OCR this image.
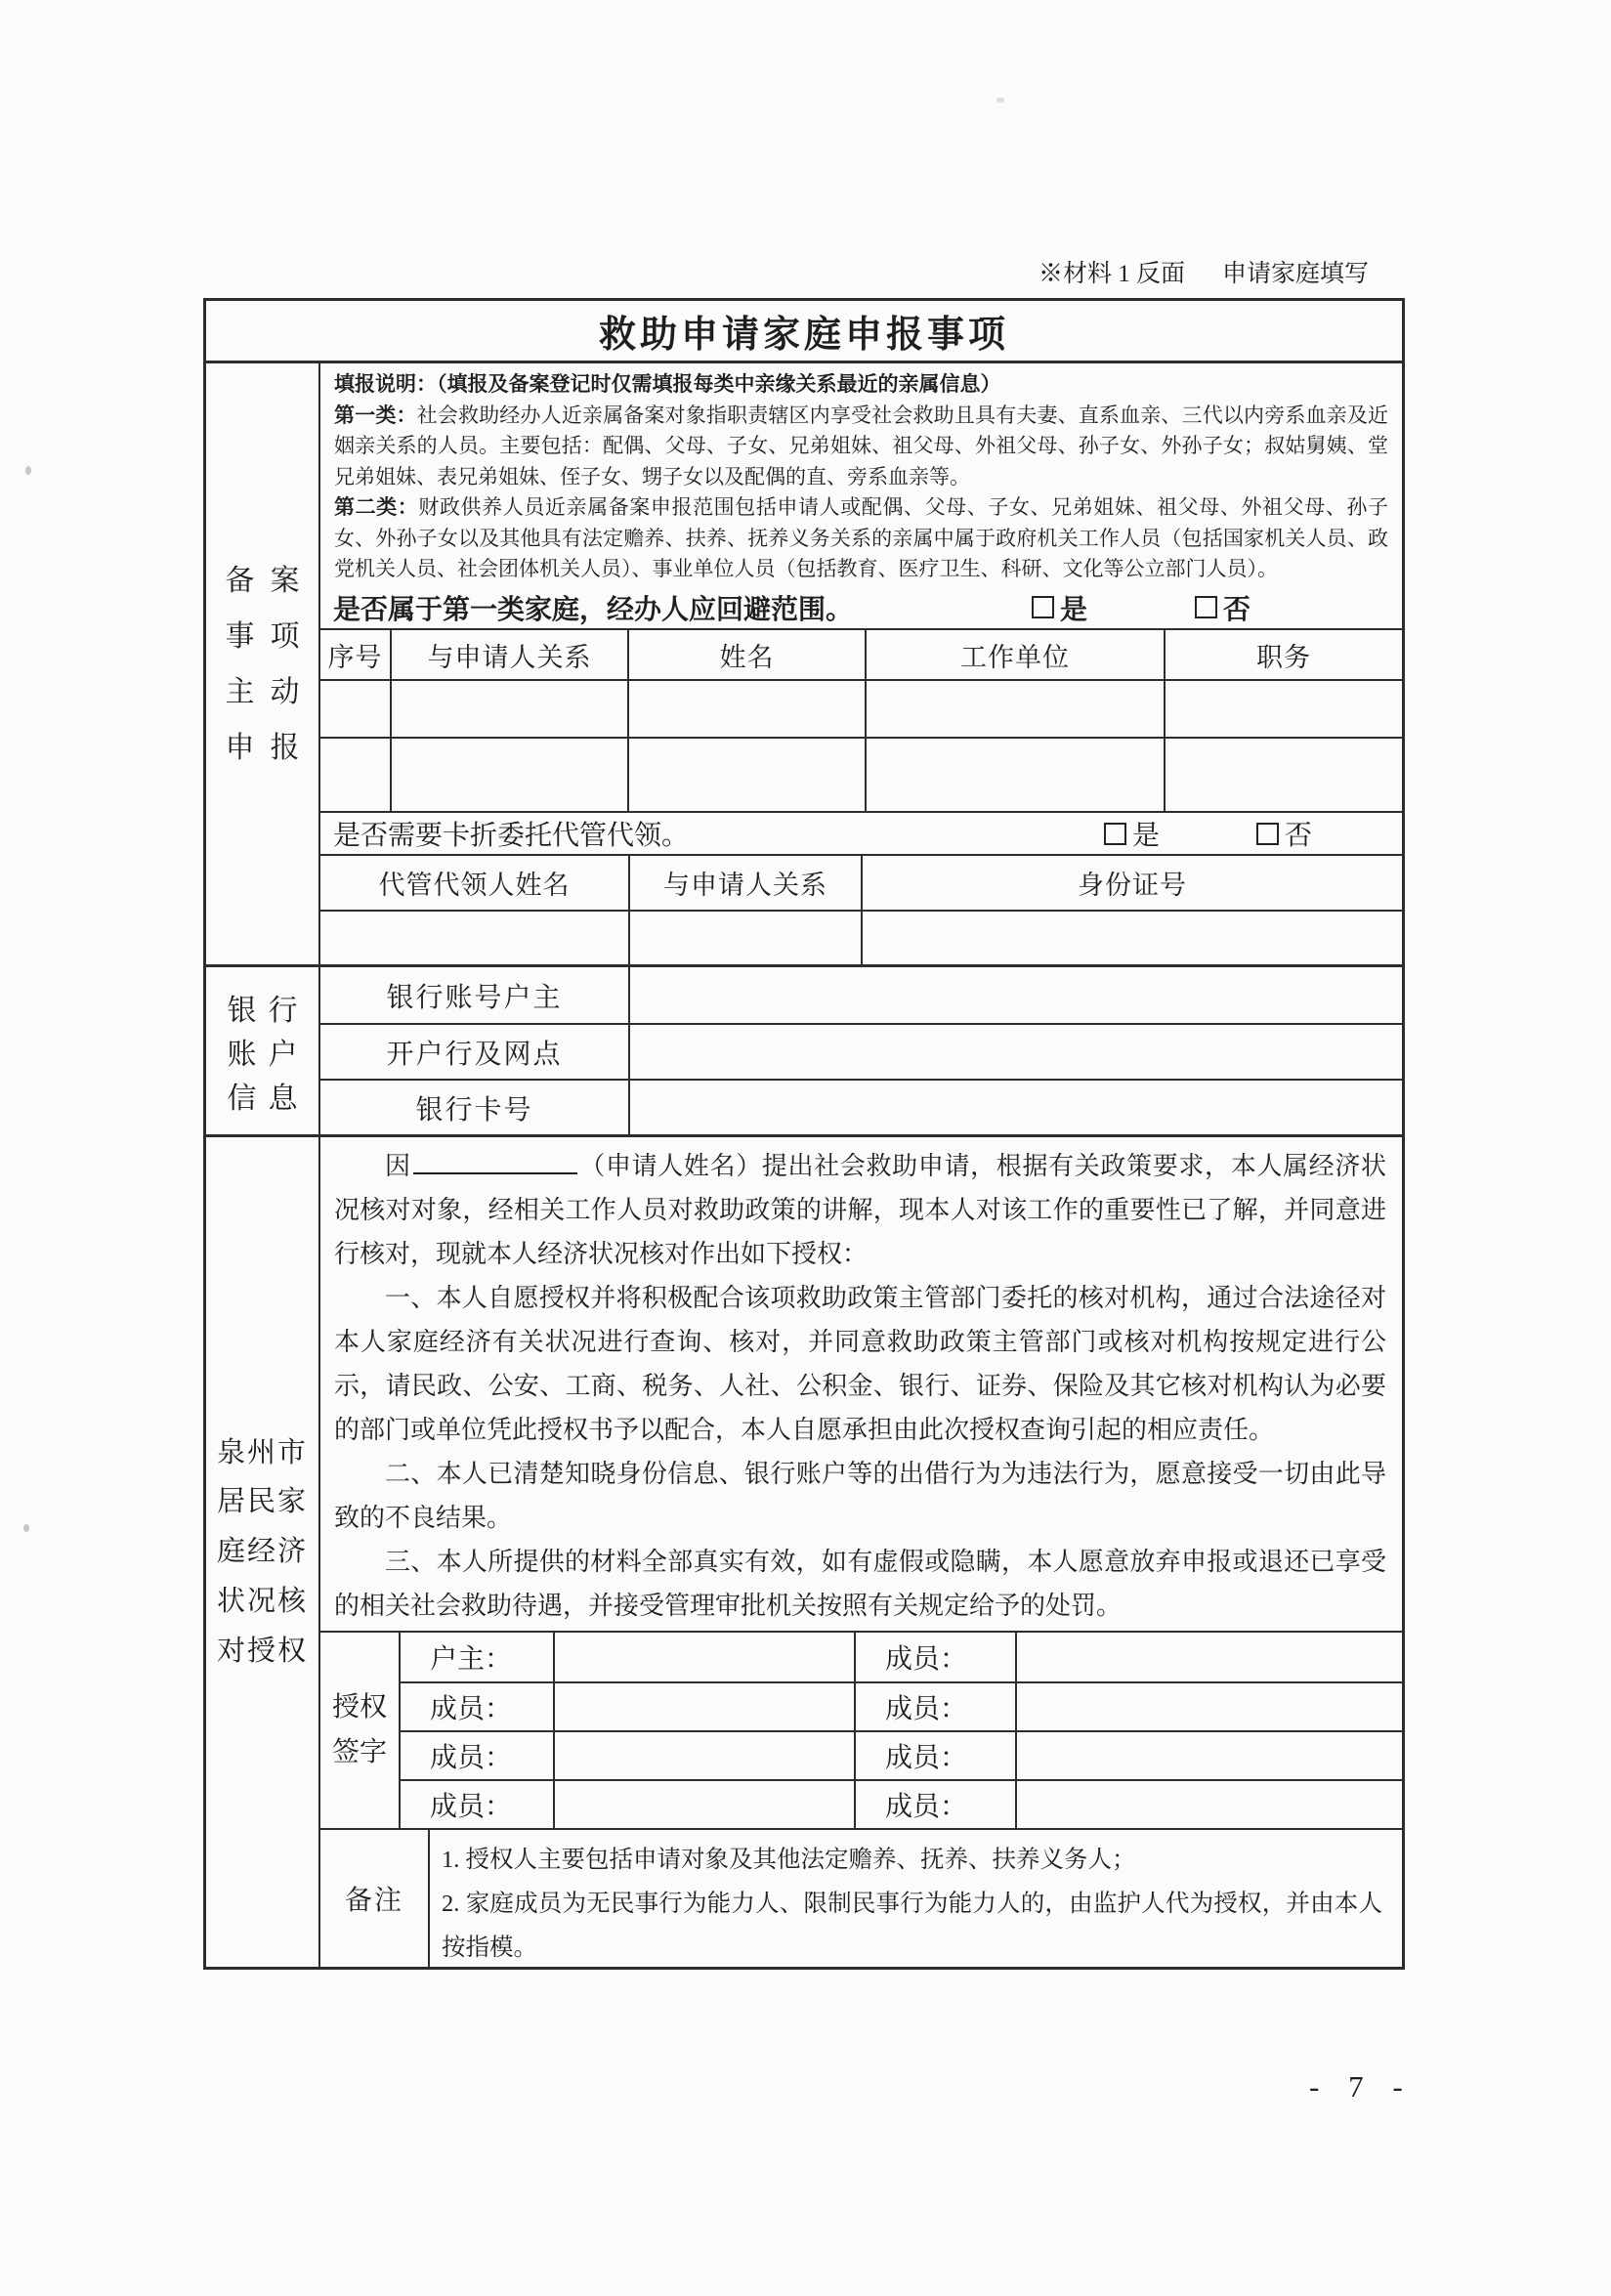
※材料 1 反面 申请家庭填写
救助申请家庭申报事项
备案
事项
主动
申报

填报说明：（填报及备案登记时仅需填报每类中亲缘关系最近的亲属信息）

第一类：社会救助经办人近亲属备案对象指职责辖区内享受社会救助且具有夫妻、直系血亲、三代以内旁系血亲及近姻亲关系的人员。主要包括：配偶、父母、子女、兄弟姐妹、祖父母、外祖父母、孙子女、外孙子女；叔姑舅姨、堂兄弟姐妹、表兄弟姐妹、侄子女、甥子女以及配偶的直、旁系血亲等。

第二类：财政供养人员近亲属备案申报范围包括申请人或配偶、父母、子女、兄弟姐妹、祖父母、外祖父母、孙子女、外孙子女以及其他具有法定赡养、扶养、抚养义务关系的亲属中属于政府机关工作人员（包括国家机关人员、政党机关人员、社会团体机关人员）、事业单位人员（包括教育、医疗卫生、科研、文化等公立部门人员）。

是否属于第一类家庭，经办人应回避范围。	是	否
序号	与申请人关系	姓名	工作单位	职务
是否需要卡折委托代管代领。	是	否
代管代领人姓名	与申请人关系	身份证号
银行
账户
信息
银行账号户主
开户行及网点
银行卡号
泉州市
居民家
庭经济
状况核
对授权

因	（申请人姓名）提出社会救助申请，根据有关政策要求，本人属经济状况核对对象，经相关工作人员对救助政策的讲解，现本人对该工作的重要性已了解，并同意进行核对，现就本人经济状况核对作出如下授权：

一、本人自愿授权并将积极配合该项救助政策主管部门委托的核对机构，通过合法途径对本人家庭经济有关状况进行查询、核对，并同意救助政策主管部门或核对机构按规定进行公示，请民政、公安、工商、税务、人社、公积金、银行、证券、保险及其它核对机构认为必要的部门或单位凭此授权书予以配合，本人自愿承担由此次授权查询引起的相应责任。

二、本人已清楚知晓身份信息、银行账户等的出借行为为违法行为，愿意接受一切由此导致的不良结果。

三、本人所提供的材料全部真实有效，如有虚假或隐瞒，本人愿意放弃申报或退还已享受的相关社会救助待遇，并接受管理审批机关按照有关规定给予的处罚。

授权
签字
户主：	成员：
成员：	成员：
成员：	成员：
成员：	成员：
备注

1. 授权人主要包括申请对象及其他法定赡养、抚养、扶养义务人；

2. 家庭成员为无民事行为能力人、限制民事行为能力人的，由监护人代为授权，并由本人按指模。

- 7 -
